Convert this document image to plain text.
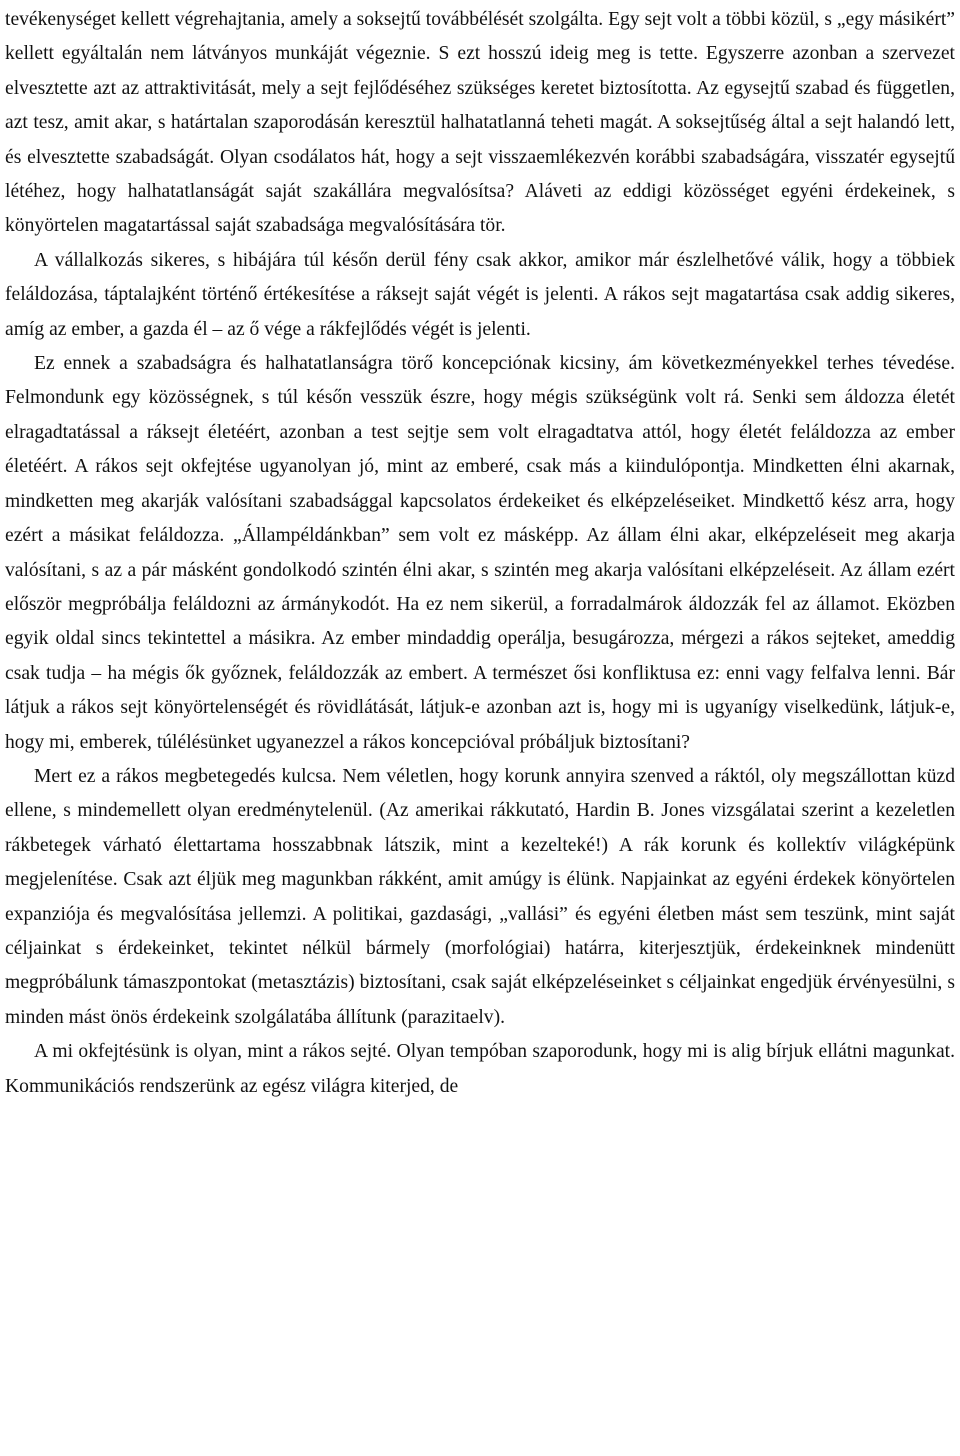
tevékenységet kellett végrehajtania, amely a soksejtű továbbélését szolgálta. Egy sejt volt a többi közül, s „egy másikért” kellett egyáltalán nem látványos munkáját végeznie. S ezt hosszú ideig meg is tette. Egyszerre azonban a szervezet elvesztette azt az attraktivitását, mely a sejt fejlődéséhez szükséges keretet biztosította. Az egysejtű szabad és független, azt tesz, amit akar, s határtalan szaporodásán keresztül halhatatlanná teheti magát. A soksejtűség által a sejt halandó lett, és elvesztette szabadságát. Olyan csodálatos hát, hogy a sejt visszaemlékezvén korábbi szabadságára, visszatér egysejtű létéhez, hogy halhatatlanságát saját szakállára megvalósítsa? Aláveti az eddigi közösséget egyéni érdekeinek, s könyörtelen magatartással saját szabadsága megvalósítására tör.

A vállalkozás sikeres, s hibájára túl későn derül fény csak akkor, amikor már észlelhetővé válik, hogy a többiek feláldozása, táptalajként történő értékesítése a ráksejt saját végét is jelenti. A rákos sejt magatartása csak addig sikeres, amíg az ember, a gazda él – az ő vége a rákfejlődés végét is jelenti.

Ez ennek a szabadságra és halhatatlanságra törő koncepciónak kicsiny, ám következményekkel terhes tévedése. Felmondunk egy közösségnek, s túl későn vesszük észre, hogy mégis szükségünk volt rá. Senki sem áldozza életét elragadtatással a ráksejt életéért, azonban a test sejtje sem volt elragadtatva attól, hogy életét feláldozza az ember életéért. A rákos sejt okfejtése ugyanolyan jó, mint az emberé, csak más a kiindulópontja. Mindketten élni akarnak, mindketten meg akarják valósítani szabadsággal kapcsolatos érdekeiket és elképzeléseiket. Mindkettő kész arra, hogy ezért a másikat feláldozza. „Állampéldánkban” sem volt ez másképp. Az állam élni akar, elképzeléseit meg akarja valósítani, s az a pár másként gondolkodó szintén élni akar, s szintén meg akarja valósítani elképzeléseit. Az állam ezért először megpróbálja feláldozni az ármánykodót. Ha ez nem sikerül, a forradalmárok áldozzák fel az államot. Eközben egyik oldal sincs tekintettel a másikra. Az ember mindaddig operálja, besugározza, mérgezi a rákos sejteket, ameddig csak tudja – ha mégis ők győznek, feláldozzák az embert. A természet ősi konfliktusa ez: enni vagy felfalva lenni. Bár látjuk a rákos sejt könyörtelenségét és rövidlátását, látjuk-e azonban azt is, hogy mi is ugyanígy viselkedünk, látjuk-e, hogy mi, emberek, túlélésünket ugyanezzel a rákos koncepcióval próbáljuk biztosítani?

Mert ez a rákos megbetegedés kulcsa. Nem véletlen, hogy korunk annyira szenved a ráktól, oly megszállottan küzd ellene, s mindemellett olyan eredménytelenül. (Az amerikai rákkutató, Hardin B. Jones vizsgálatai szerint a kezeletlen rákbetegek várható élettartama hosszabbnak látszik, mint a kezelteké!) A rák korunk és kollektív világképünk megjelenítése. Csak azt éljük meg magunkban rákként, amit amúgy is élünk. Napjainkat az egyéni érdekek könyörtelen expanziója és megvalósítása jellemzi. A politikai, gazdasági, „vallási” és egyéni életben mást sem teszünk, mint saját céljainkat s érdekeinket, tekintet nélkül bármely (morfológiai) határra, kiterjesztjük, érdekeinknek mindenütt megpróbálunk támaszpontokat (metasztázis) biztosítani, csak saját elképzeléseinket s céljainkat engedjük érvényesülni, s minden mást önös érdekeink szolgálatába állítunk (parazitaelv).

A mi okfejtésünk is olyan, mint a rákos sejté. Olyan tempóban szaporodunk, hogy mi is alig bírjuk ellátni magunkat. Kommunikációs rendszerünk az egész világra kiterjed, de
